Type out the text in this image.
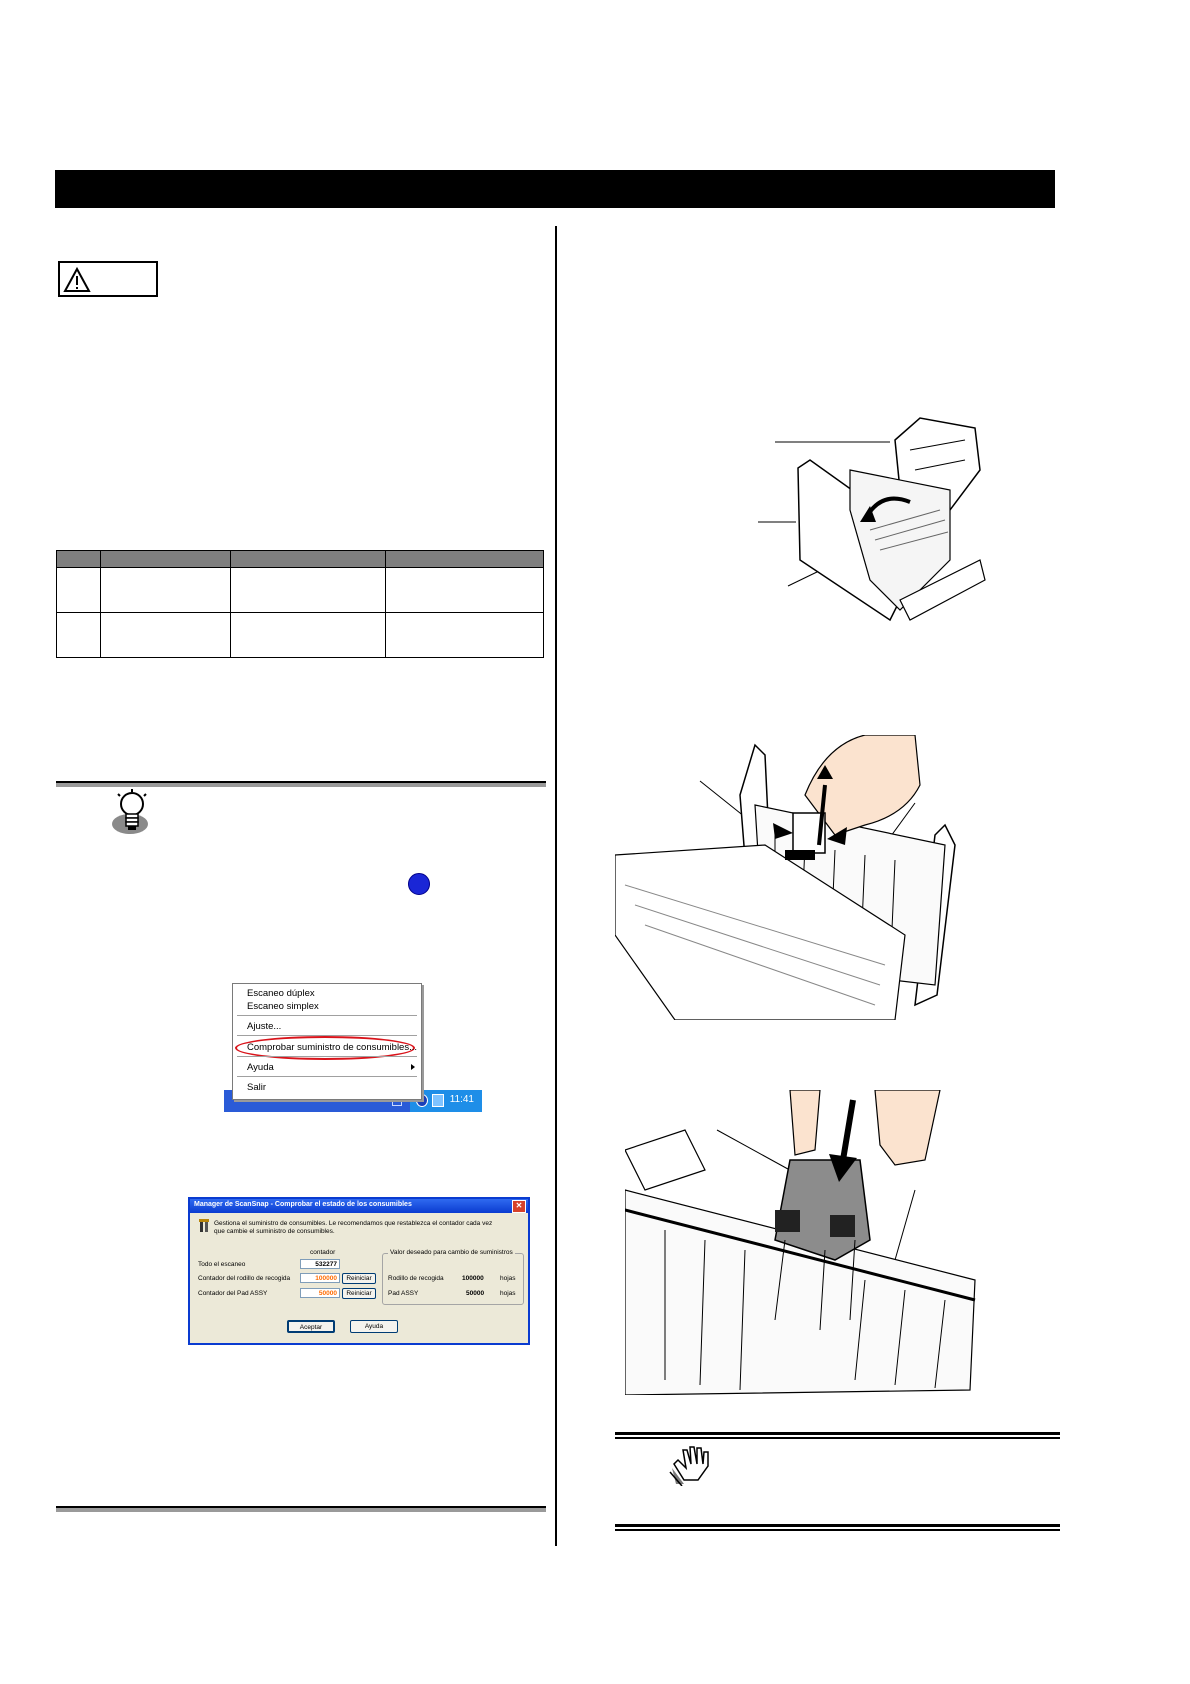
11:41
Escaneo dúplex
Escaneo simplex
Ajuste...
Comprobar suministro de consumibles...
Ayuda
Salir
Manager de ScanSnap - Comprobar el estado de los consumibles	✕
Gestiona el suministro de consumibles. Le recomendamos que restablezca el contador cada vez
que cambie el suministro de consumibles.
contador
Todo el escaneo	532277
Contador del rodillo de recogida	100000	Reiniciar
Contador del Pad ASSY	50000	Reiniciar
Valor deseado para cambio de suministros
Rodillo de recogida	100000	hojas
Pad ASSY	50000 hojas
Aceptar	Ayuda
